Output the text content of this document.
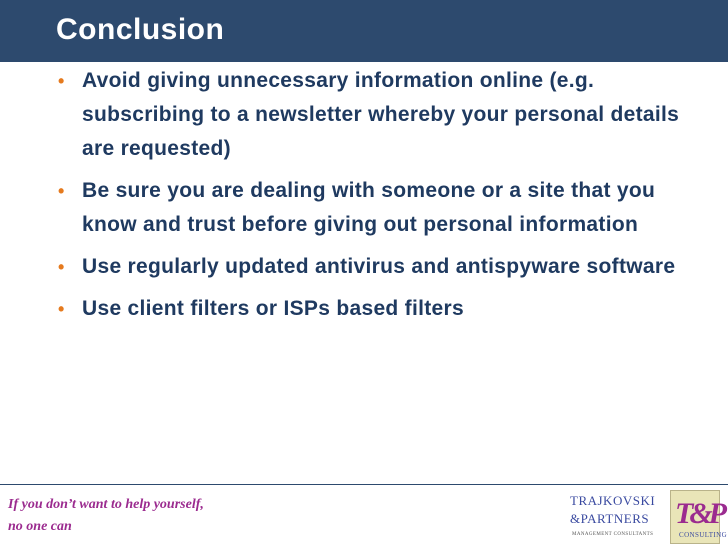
Conclusion
• Avoid giving unnecessary information online (e.g. subscribing to a newsletter whereby your personal details are requested)
• Be sure you are dealing with someone or a site that you know and trust before giving out personal information
• Use regularly updated antivirus and antispyware software
• Use client filters or ISPs based filters
If you don’t want to help yourself,
no one can
TRAJKOVSKI
&PARTNERS
MANAGEMENT CONSULTANTS
T&P
CONSULTING
